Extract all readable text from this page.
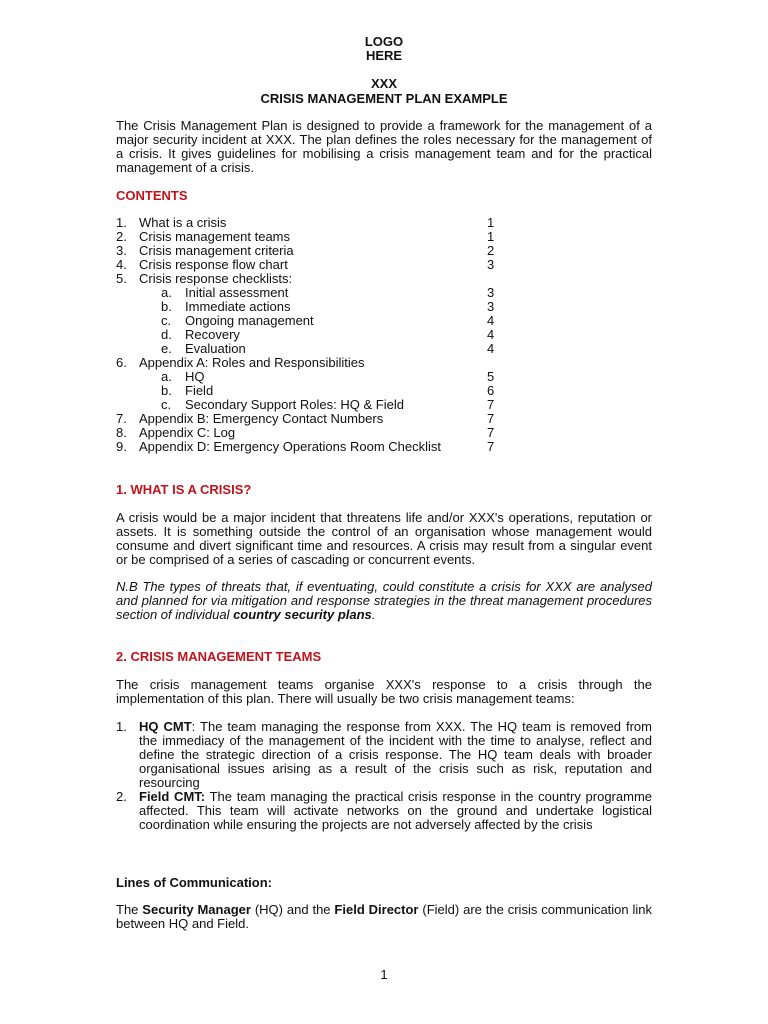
LOGO
HERE
XXX
CRISIS MANAGEMENT PLAN EXAMPLE
The Crisis Management Plan is designed to provide a framework for the management of a major security incident at XXX. The plan defines the roles necessary for the management of a crisis. It gives guidelines for mobilising a crisis management team and for the practical management of a crisis.
CONTENTS
1. What is a crisis	1
2. Crisis management teams	1
3. Crisis management criteria	2
4. Crisis response flow chart	3
5. Crisis response checklists:
a. Initial assessment	3
b. Immediate actions	3
c. Ongoing management	4
d. Recovery	4
e. Evaluation	4
6. Appendix A: Roles and Responsibilities
a. HQ	5
b. Field	6
c. Secondary Support Roles: HQ & Field	7
7. Appendix B: Emergency Contact Numbers	7
8. Appendix C: Log	7
9. Appendix D: Emergency Operations Room Checklist	7
1. WHAT IS A CRISIS?
A crisis would be a major incident that threatens life and/or XXX's operations, reputation or assets. It is something outside the control of an organisation whose management would consume and divert significant time and resources. A crisis may result from a singular event or be comprised of a series of cascading or concurrent events.
N.B The types of threats that, if eventuating, could constitute a crisis for XXX are analysed and planned for via mitigation and response strategies in the threat management procedures section of individual country security plans.
2. CRISIS MANAGEMENT TEAMS
The crisis management teams organise XXX's response to a crisis through the implementation of this plan. There will usually be two crisis management teams:
1. HQ CMT: The team managing the response from XXX. The HQ team is removed from the immediacy of the management of the incident with the time to analyse, reflect and define the strategic direction of a crisis response. The HQ team deals with broader organisational issues arising as a result of the crisis such as risk, reputation and resourcing
2. Field CMT: The team managing the practical crisis response in the country programme affected. This team will activate networks on the ground and undertake logistical coordination while ensuring the projects are not adversely affected by the crisis
Lines of Communication:
The Security Manager (HQ) and the Field Director (Field) are the crisis communication link between HQ and Field.
1
